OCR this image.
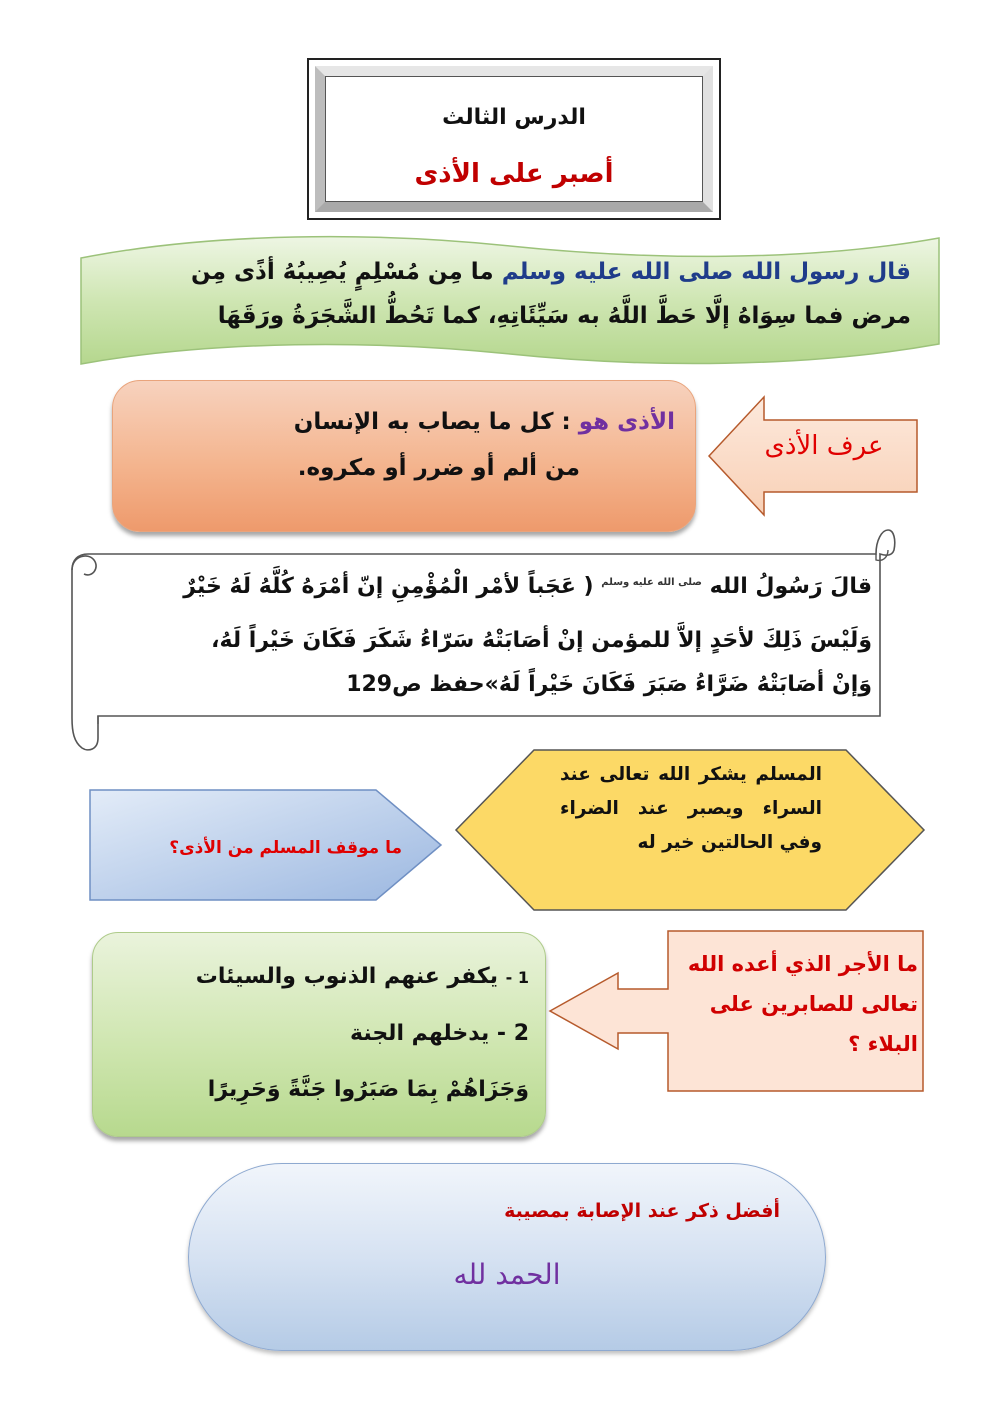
الدرس الثالث
أصبر على الأذى
قال رسول الله صلى الله عليه وسلم ما مِن مُسْلِمٍ يُصِيبُهُ أذًى مِن
مرض فما سِوَاهُ إلَّا حَطَّ اللَّهُ به سَيِّئَاتِهِ، كما تَحُطُّ الشَّجَرَةُ ورَقَهَا
الأذى هو : كل ما يصاب به الإنسان
من ألم أو ضرر أو مكروه.
عرف الأذى
قالَ رَسُولُ الله $^{صلى الله عليه وسلم}$ ( عَجَباً لأمْر الْمُؤْمِنِ إنّ أمْرَهُ كُلَّهُ لَهُ خَيْرٌ
وَلَيْسَ ذَلِكَ لأحَدٍ إلاَّ للمؤمن إنْ أصَابَتْهُ سَرّاءُ شَكَرَ فَكَانَ خَيْراً لَهُ،
وَإنْ أصَابَتْهُ ضَرَّاءُ صَبَرَ فَكَانَ خَيْراً لَهُ»حفظ ص129
ما موقف المسلم من الأذى؟
المسلم يشكر الله تعالى عند السراء ويصبر عند الضراء وفي الحالتين خير له
ما الأجر الذي أعده الله تعالى للصابرين على البلاء ؟
1 - يكفر عنهم الذنوب والسيئات
2 - يدخلهم الجنة
وَجَزَاهُمْ بِمَا صَبَرُوا جَنَّةً وَحَرِيرًا
أفضل ذكر عند الإصابة بمصيبة
الحمد لله
